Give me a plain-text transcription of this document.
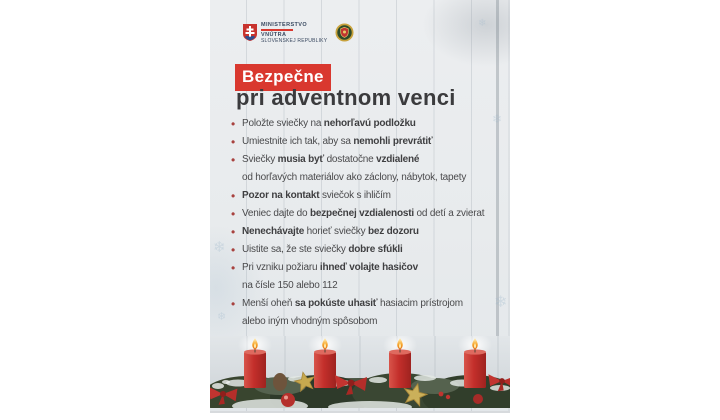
❄
❄
❄
❄
❄
MINISTERSTVO
VNÚTRA
SLOVENSKEJ REPUBLIKY
Bezpečne
pri adventnom venci
• Položte sviečky na nehorľavú podložku
• Umiestnite ich tak, aby sa nemohli prevrátiť
• Sviečky musia byť dostatočne vzdialené
od horľavých materiálov ako záclony, nábytok, tapety
• Pozor na kontakt sviečok s ihličím
• Veniec dajte do bezpečnej vzdialenosti od detí a zvierat
• Nenechávajte horieť sviečky bez dozoru
• Uistite sa, že ste sviečky dobre sfúkli
• Pri vzniku požiaru ihneď volajte hasičov
na čísle 150 alebo 112
• Menší oheň sa pokúste uhasiť hasiacim prístrojom
alebo iným vhodným spôsobom
